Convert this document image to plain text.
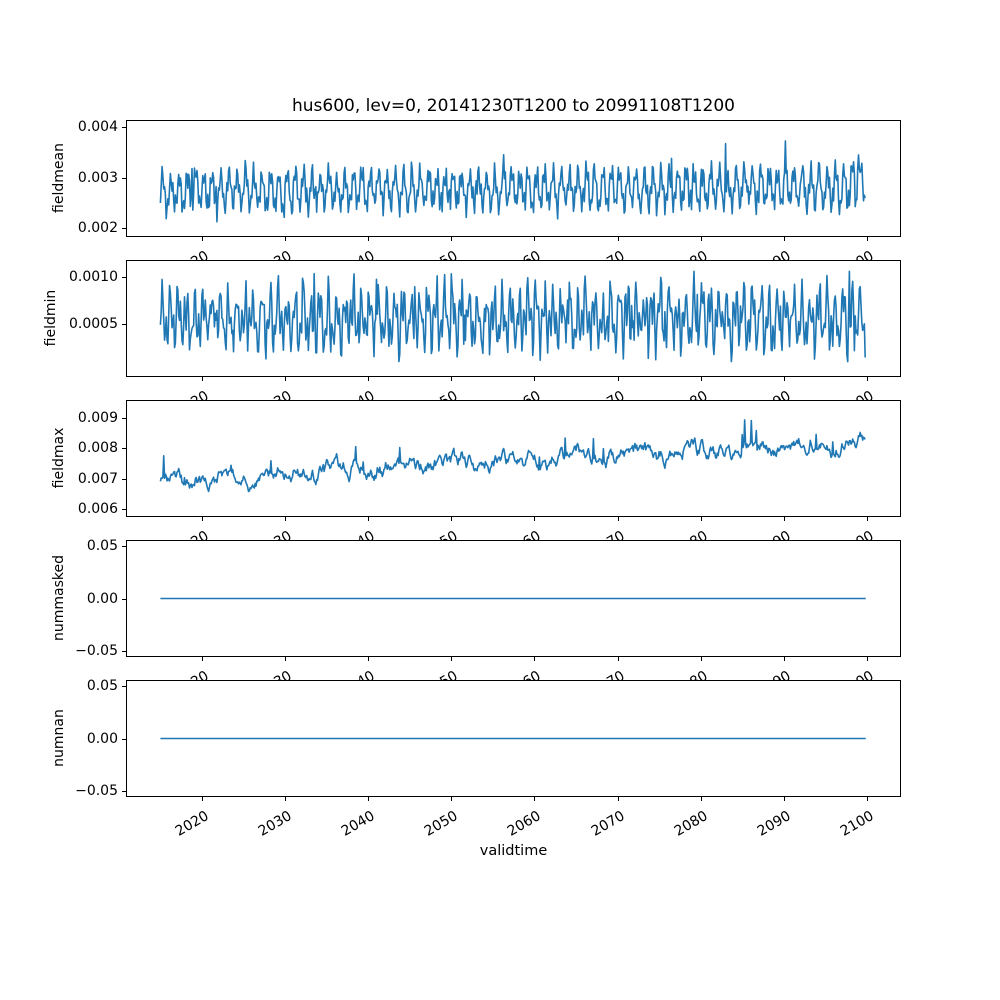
hus600, lev=0, 20141230T1200 to 20991108T1200
0.002
0.003
0.004
fieldmean
0.0005
0.0010
fieldmin
0.006
0.007
0.008
0.009
fieldmax
0.05
0.00
−0.05
nummasked
0.05
0.00
−0.05
numnan
2020	2030	2040	2050	2060	2070	2080	2090	2100
validtime
